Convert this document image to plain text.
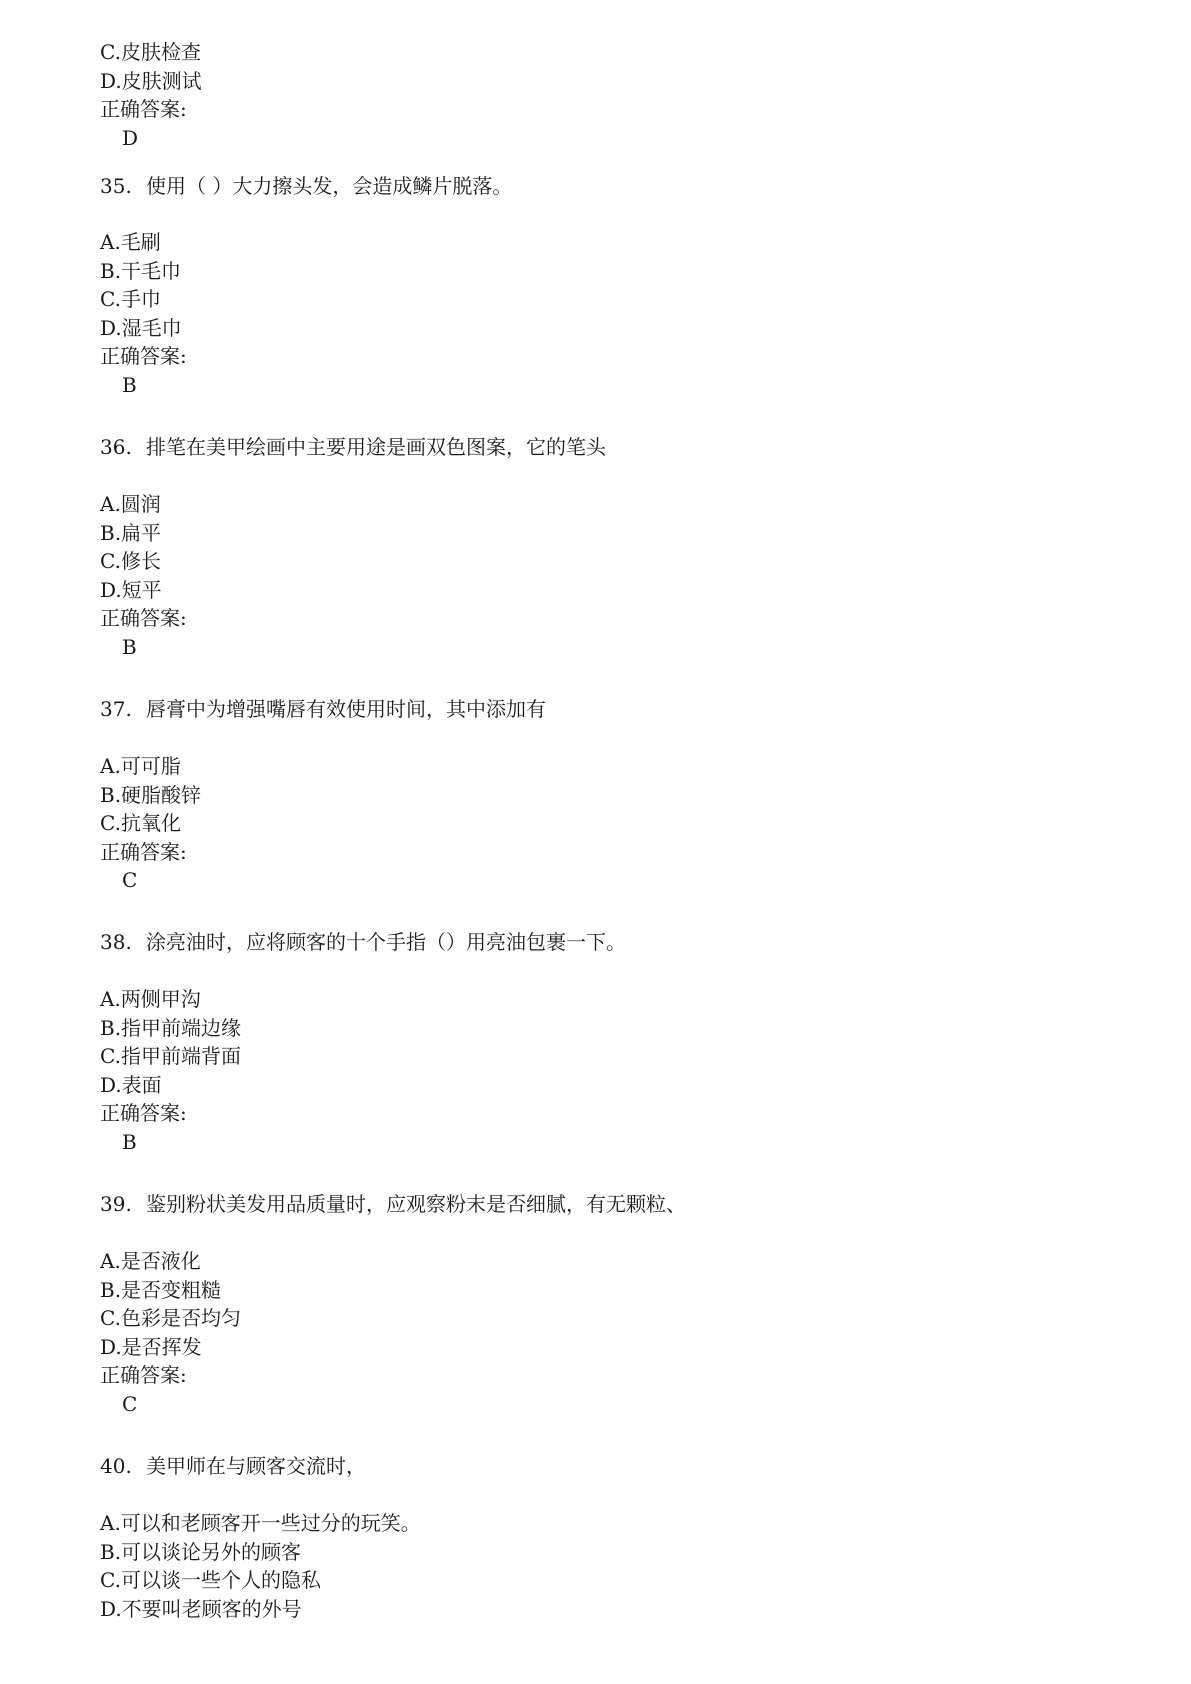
C.皮肤检查
D.皮肤测试
正确答案:
D
35. 使用（ ）大力擦头发，会造成鳞片脱落。
A.毛刷
B.干毛巾
C.手巾
D.湿毛巾
正确答案:
B
36. 排笔在美甲绘画中主要用途是画双色图案，它的笔头
A.圆润
B.扁平
C.修长
D.短平
正确答案:
B
37. 唇膏中为增强嘴唇有效使用时间，其中添加有
A.可可脂
B.硬脂酸锌
C.抗氧化
正确答案:
C
38. 涂亮油时，应将顾客的十个手指（）用亮油包裹一下。
A.两侧甲沟
B.指甲前端边缘
C.指甲前端背面
D.表面
正确答案:
B
39. 鉴别粉状美发用品质量时，应观察粉末是否细腻，有无颗粒、
A.是否液化
B.是否变粗糙
C.色彩是否均匀
D.是否挥发
正确答案:
C
40. 美甲师在与顾客交流时，
A.可以和老顾客开一些过分的玩笑。
B.可以谈论另外的顾客
C.可以谈一些个人的隐私
D.不要叫老顾客的外号
